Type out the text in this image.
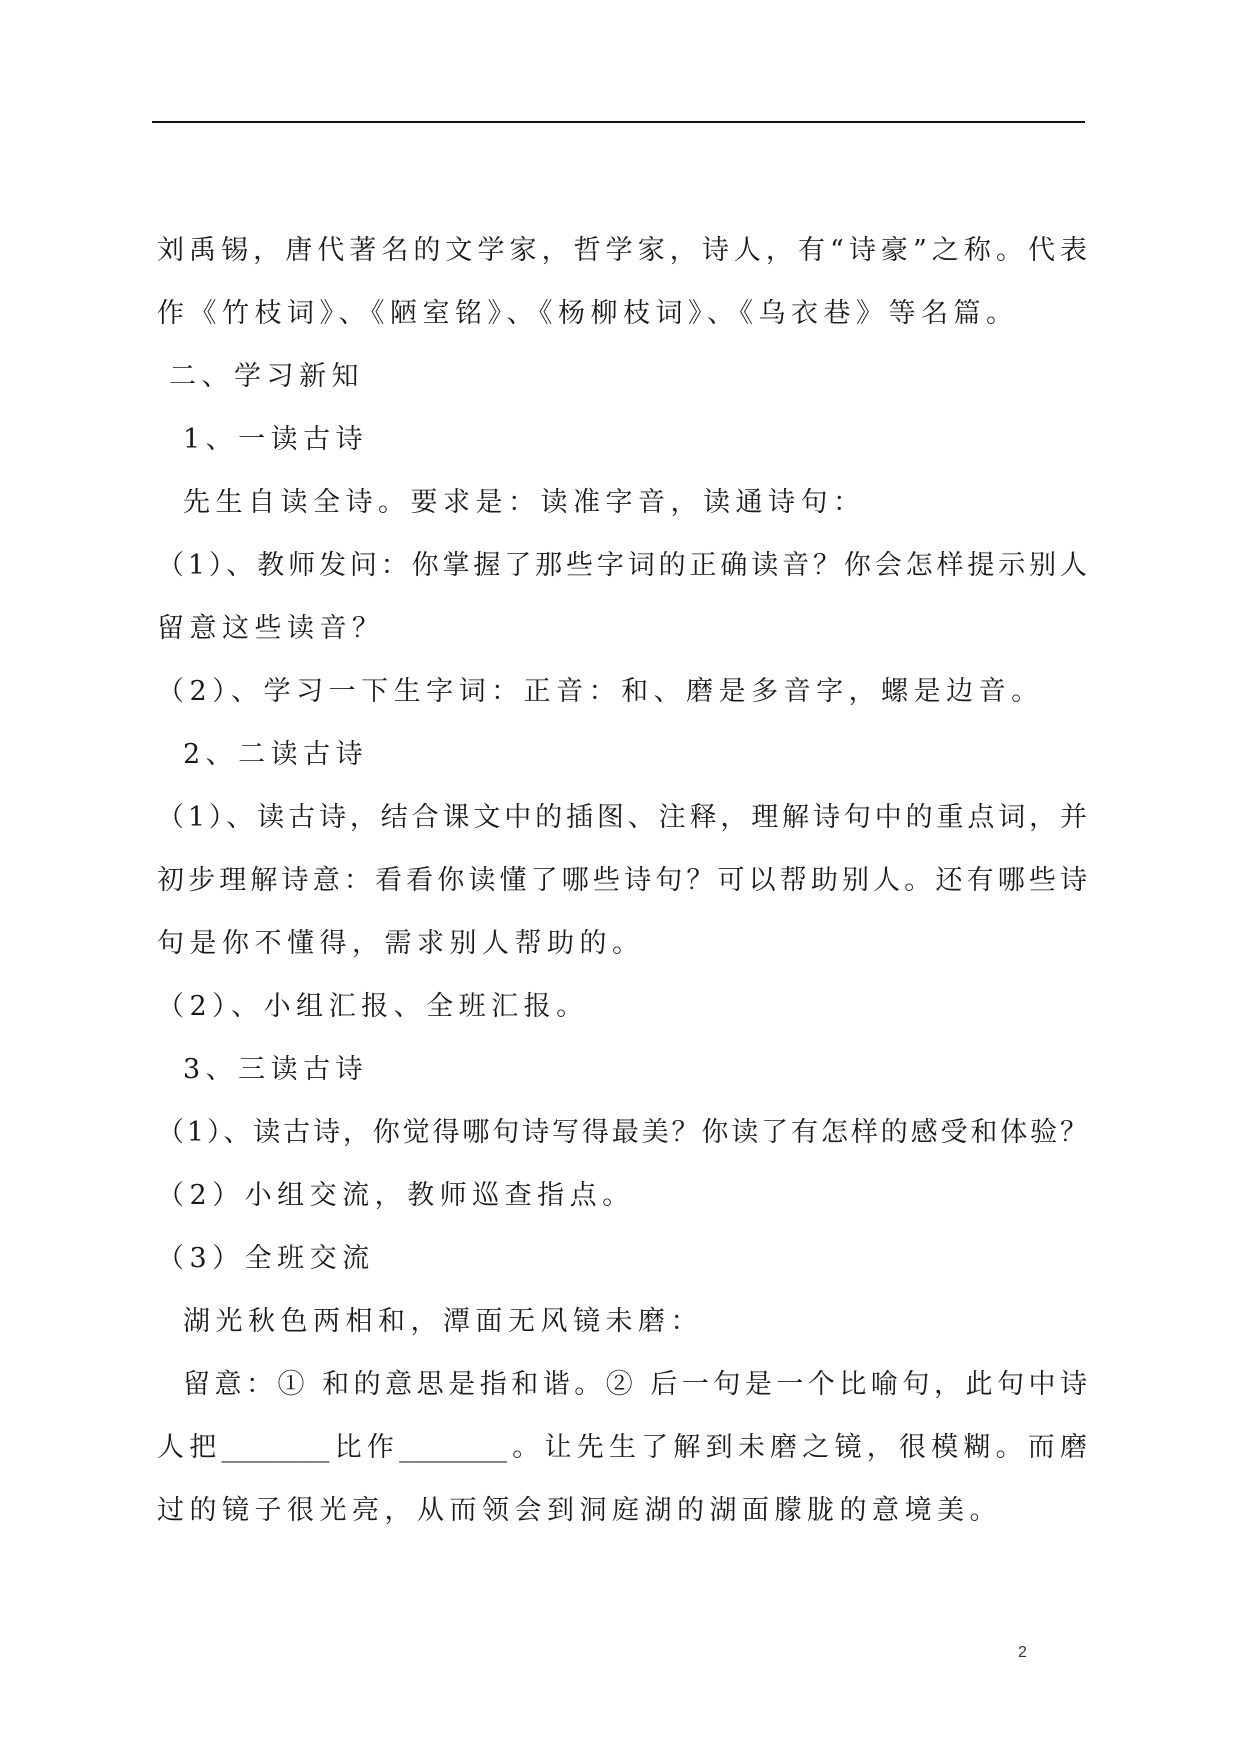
刘禹锡，唐代著名的文学家，哲学家，诗人，有“诗豪”之称。代表
作《竹枝词》、《陋室铭》、《杨柳枝词》、《乌衣巷》等名篇。
二、学习新知
1、一读古诗
先生自读全诗。要求是：读准字音，读通诗句：
（1）、教师发问：你掌握了那些字词的正确读音？你会怎样提示别人
留意这些读音？
（2）、学习一下生字词：正音：和、磨是多音字，螺是边音。
2、二读古诗
（1）、读古诗，结合课文中的插图、注释，理解诗句中的重点词，并
初步理解诗意：看看你读懂了哪些诗句？可以帮助别人。还有哪些诗
句是你不懂得，需求别人帮助的。
（2）、小组汇报、全班汇报。
3、三读古诗
（1）、读古诗，你觉得哪句诗写得最美？你读了有怎样的感受和体验？
（2）小组交流，教师巡查指点。
（3）全班交流
湖光秋色两相和，潭面无风镜未磨：
留意：① 和的意思是指和谐。② 后一句是一个比喻句，此句中诗
人把________比作________。让先生了解到未磨之镜，很模糊。而磨
过的镜子很光亮，从而领会到洞庭湖的湖面朦胧的意境美。
2
